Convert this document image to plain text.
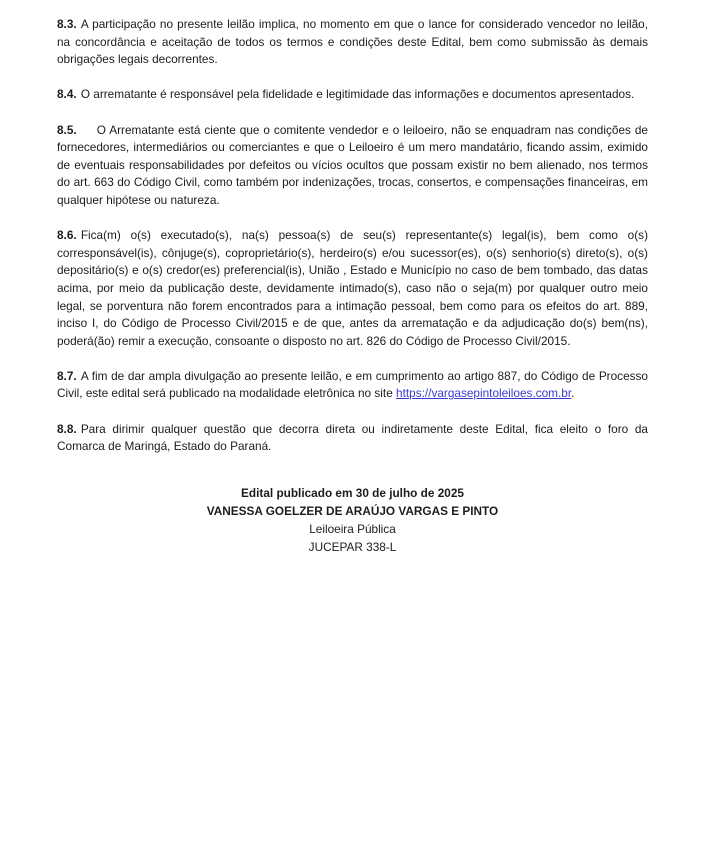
8.3. A participação no presente leilão implica, no momento em que o lance for considerado vencedor no leilão, na concordância e aceitação de todos os termos e condições deste Edital, bem como submissão às demais obrigações legais decorrentes.

8.4. O arrematante é responsável pela fidelidade e legitimidade das informações e documentos apresentados.

8.5. O Arrematante está ciente que o comitente vendedor e o leiloeiro, não se enquadram nas condições de fornecedores, intermediários ou comerciantes e que o Leiloeiro é um mero mandatário, ficando assim, eximido de eventuais responsabilidades por defeitos ou vícios ocultos que possam existir no bem alienado, nos termos do art. 663 do Código Civil, como também por indenizações, trocas, consertos, e compensações financeiras, em qualquer hipótese ou natureza.

8.6. Fica(m) o(s) executado(s), na(s) pessoa(s) de seu(s) representante(s) legal(is), bem como o(s) corresponsável(is), cônjuge(s), coproprietário(s), herdeiro(s) e/ou sucessor(es), o(s) senhorio(s) direto(s), o(s) depositário(s) e o(s) credor(es) preferencial(is), União , Estado e Município no caso de bem tombado, das datas acima, por meio da publicação deste, devidamente intimado(s), caso não o seja(m) por qualquer outro meio legal, se porventura não forem encontrados para a intimação pessoal, bem como para os efeitos do art. 889, inciso I, do Código de Processo Civil/2015 e de que, antes da arrematação e da adjudicação do(s) bem(ns), poderá(ão) remir a execução, consoante o disposto no art. 826 do Código de Processo Civil/2015.

8.7. A fim de dar ampla divulgação ao presente leilão, e em cumprimento ao artigo 887, do Código de Processo Civil, este edital será publicado na modalidade eletrônica no site https://vargasepintoleiloes.com.br.

8.8. Para dirimir qualquer questão que decorra direta ou indiretamente deste Edital, fica eleito o foro da Comarca de Maringá, Estado do Paraná.

Edital publicado em 30 de julho de 2025

VANESSA GOELZER DE ARAÚJO VARGAS E PINTO

Leiloeira Pública

JUCEPAR 338-L
